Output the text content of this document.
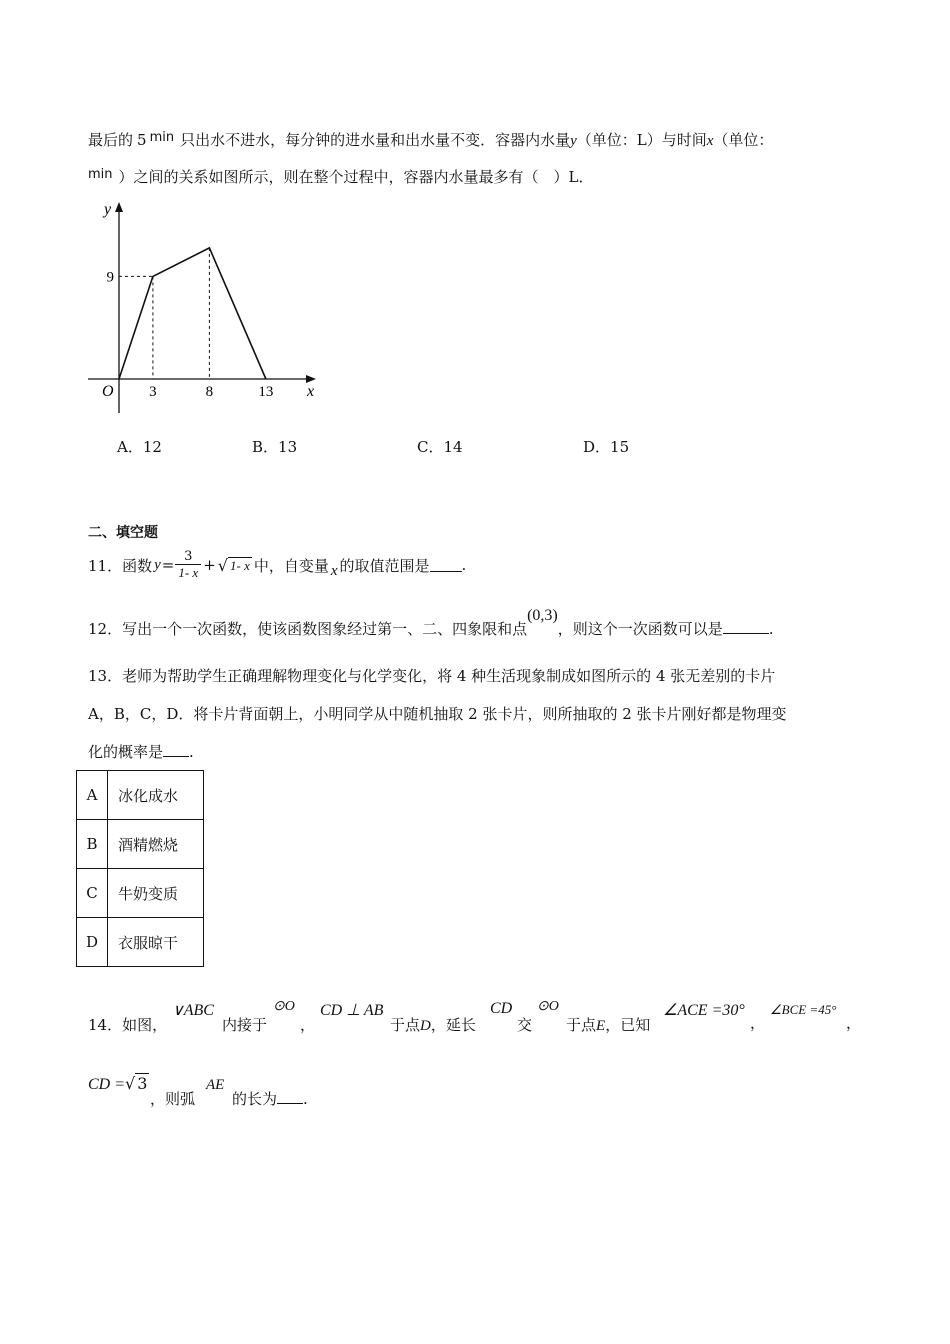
最后的 5 min 只出水不进水，每分钟的进水量和出水量不变．容器内水量y（单位：L）与时间x（单位：
min ）之间的关系如图所示，则在整个过程中，容器内水量最多有（　）L．
x
y
O 3	8	13
9
A．12	B．13	C．14	D．15
二、填空题
11．函数 $y = \frac{3}{1- x}$ + √ 1- x 中，自变量 x 的取值范围是 .
12．写出一个一次函数，使该函数图象经过第一、二、四象限和点(0,3)，则这个一次函数可以是	.
13．老师为帮助学生正确理解物理变化与化学变化，将 4 种生活现象制成如图所示的 4 张无差别的卡片
A，B，C，D．将卡片背面朝上，小明同学从中随机抽取 2 张卡片，则所抽取的 2 张卡片刚好都是物理变
化的概率是 .
A	冰化成水
B	酒精燃烧
C	牛奶变质
D	衣服晾干
14．如图，
∨ABC
内接于
⊙O
，
CD ⊥ AB
于点D，延长
CD
交
⊙O
于点E，已知
∠ACE =30°
，
∠BCE =45°
，
CD =√ 3
，则弧
AE
的长为 .
